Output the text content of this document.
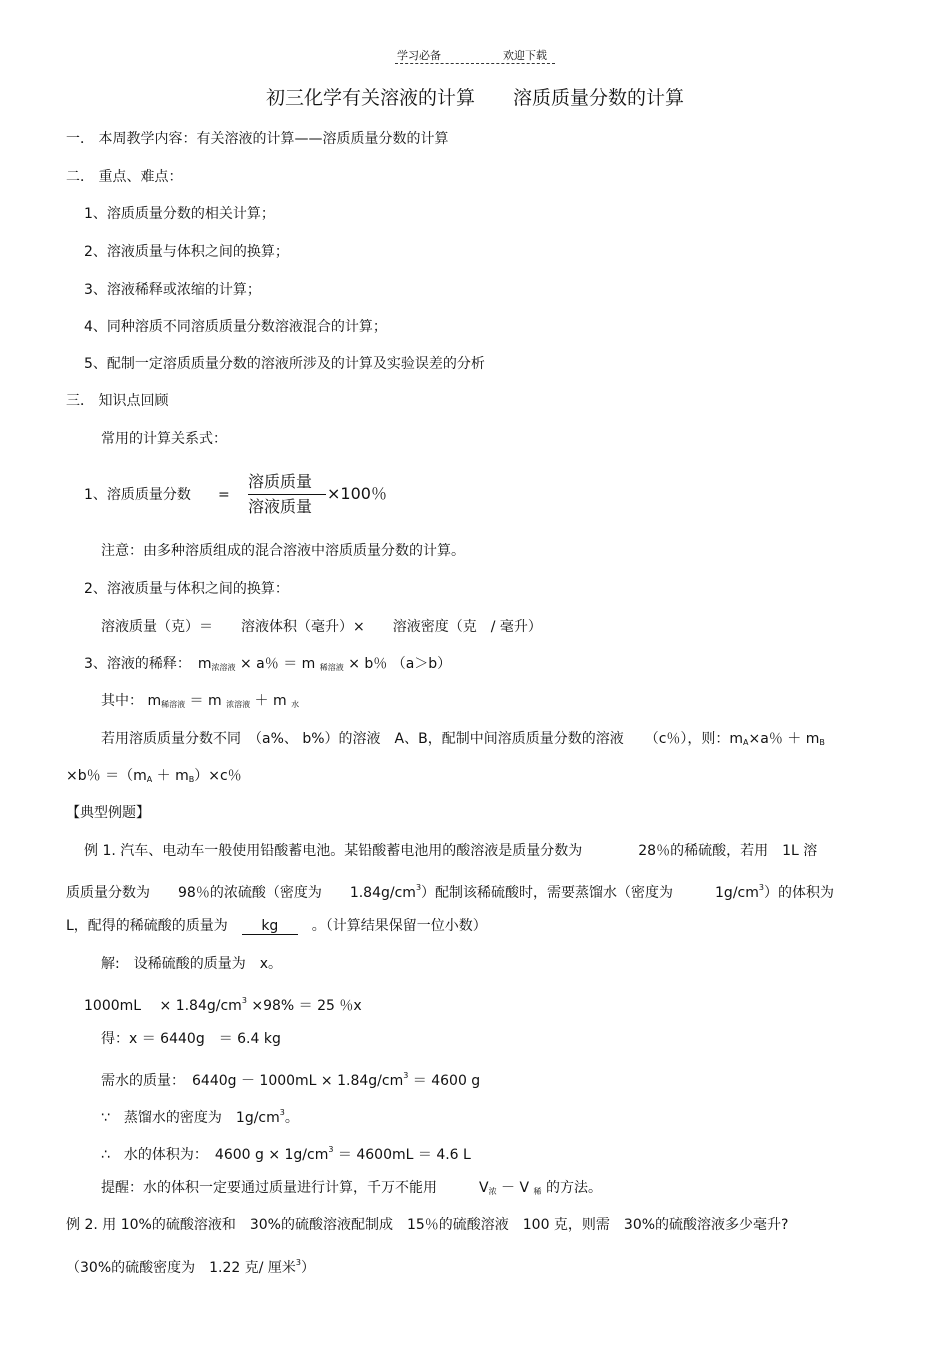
学习必备	欢迎下载
初三化学有关溶液的计算　　溶质质量分数的计算
一． 本周教学内容：有关溶液的计算——溶质质量分数的计算
二． 重点、难点：
1、溶质质量分数的相关计算；
2、溶液质量与体积之间的换算；
3、溶液稀释或浓缩的计算；
4、同种溶质不同溶质质量分数溶液混合的计算；
5、配制一定溶质质量分数的溶液所涉及的计算及实验误差的分析
三． 知识点回顾
常用的计算关系式：
1、溶质质量分数 =
溶质质量
溶液质量
×100％
注意：由多种溶质组成的混合溶液中溶质质量分数的计算。
2、溶液质量与体积之间的换算：
溶液质量（克）＝　　溶液体积（毫升）×　　溶液密度（克　/ 毫升）
3、溶液的稀释：　$m_{浓溶液} \times a$％ ＝ m $_{稀溶液}$ × b％ （a＞b）
其中： $m_{稀溶液} = m$ $_{浓溶液}$ ＋ m $_水$
若用溶质质量分数不同　（a%、 b%）的溶液　A、B，配制中间溶质质量分数的溶液　　（c％），则：$m_A\times a$％ ＋ $m_B$
×b％ $=(m_A + m_B)\times c$％
【典型例题】
例 1. 汽车、电动车一般使用铅酸蓄电池。某铅酸蓄电池用的酸溶液是质量分数为　　　　28％的稀硫酸，若用　1L 溶
质质量分数为　　98％的浓硫酸（密度为　　$1.84g/cm^3$）配制该稀硫酸时，需要蒸馏水（密度为　　　$1g/cm^3$）的体积为
L，配得的稀硫酸的质量为　kg　。（计算结果保留一位小数）
解:　设稀硫酸的质量为　x。
1000mL　 × $1.84g/cm^3 \times 98\% = 25$ ％x
得：x ＝ 6440g　＝ 6.4 kg
需水的质量：　$6440g - 1000mL \times 1.84g/cm^3 = 4600$ g
∵　蒸馏水的密度为　$1g/cm^3$。
∴　水的体积为：　4600 $g \times 1g/cm^3 = 4600mL = 4.6$ L
提醒：水的体积一定要通过质量进行计算，千万不能用　　　$V_浓 - V$ $_稀$ 的方法。
例 2. 用 10%的硫酸溶液和　30%的硫酸溶液配制成　15％的硫酸溶液　100 克，则需　30%的硫酸溶液多少毫升?
（30%的硫酸密度为　1.22 克/ 厘米$^3$）
